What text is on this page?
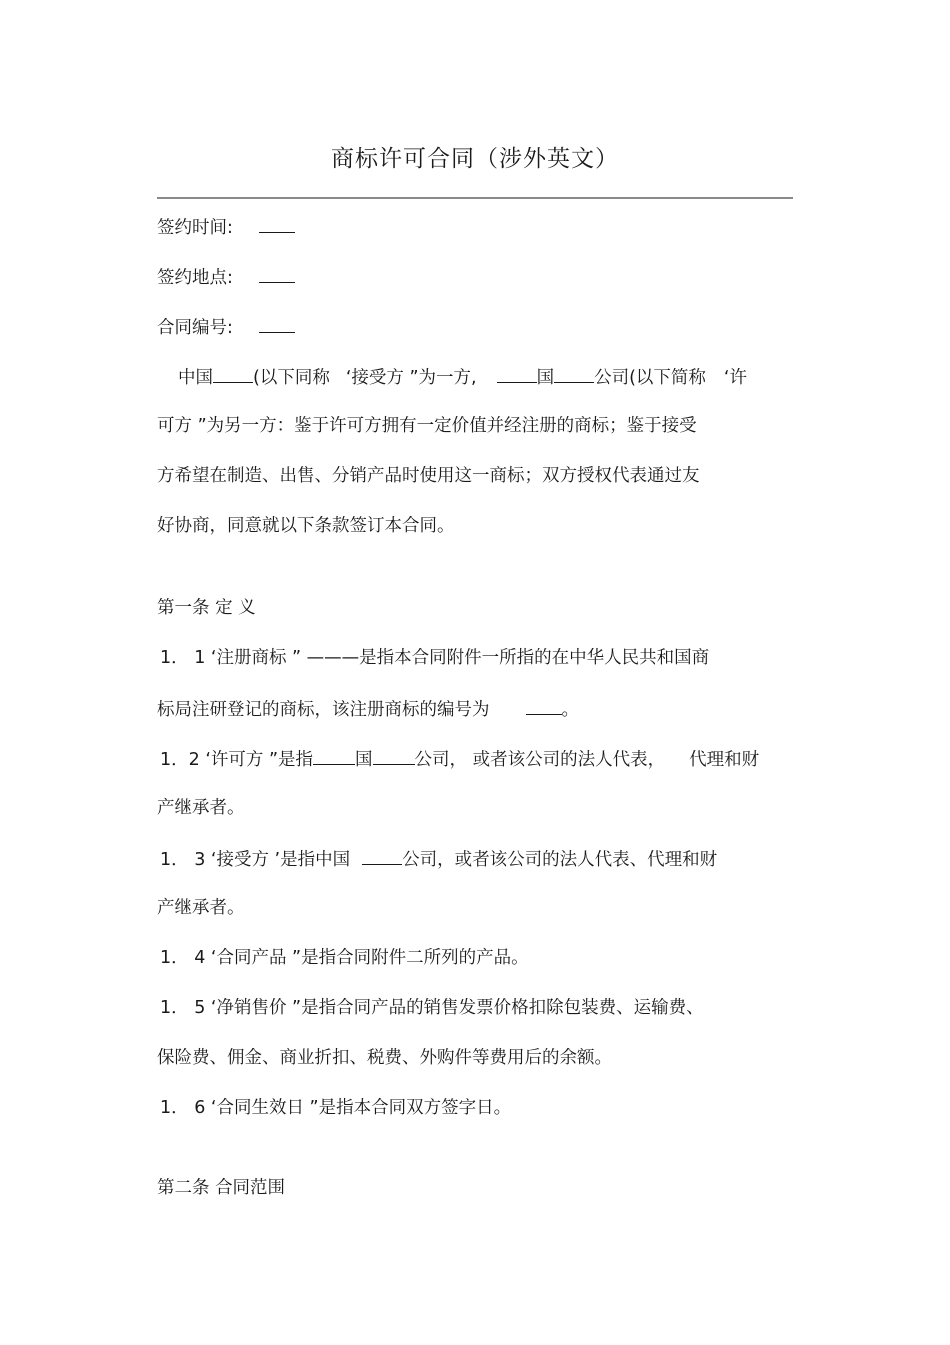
商标许可合同（涉外英文）
签约时间:
签约地点:
合同编号:
中国 (以下同称 ‘接受方 ”为一方,	国 公司(以下简称 ‘许
可方 ”为另一方：鉴于许可方拥有一定价值并经注册的商标；鉴于接受
方希望在制造、出售、分销产品时使用这一商标；双方授权代表通过友
好协商，同意就以下条款签订本合同。
第一条 定 义
1． 1 ‘注册商标 ” ———是指本合同附件一所指的在中华人民共和国商
标局注研登记的商标，该注册商标的编号为	。
1．2 ‘许可方 ”是指 国 公司， 或者该公司的法人代表， 代理和财
产继承者。
1． 3 ‘接受方 ’是指中国	公司，或者该公司的法人代表、代理和财
产继承者。
1． 4 ‘合同产品 ”是指合同附件二所列的产品。
1． 5 ‘净销售价 ”是指合同产品的销售发票价格扣除包装费、运输费、
保险费、佣金、商业折扣、税费、外购件等费用后的余额。
1． 6 ‘合同生效日 ”是指本合同双方签字日。
第二条 合同范围
